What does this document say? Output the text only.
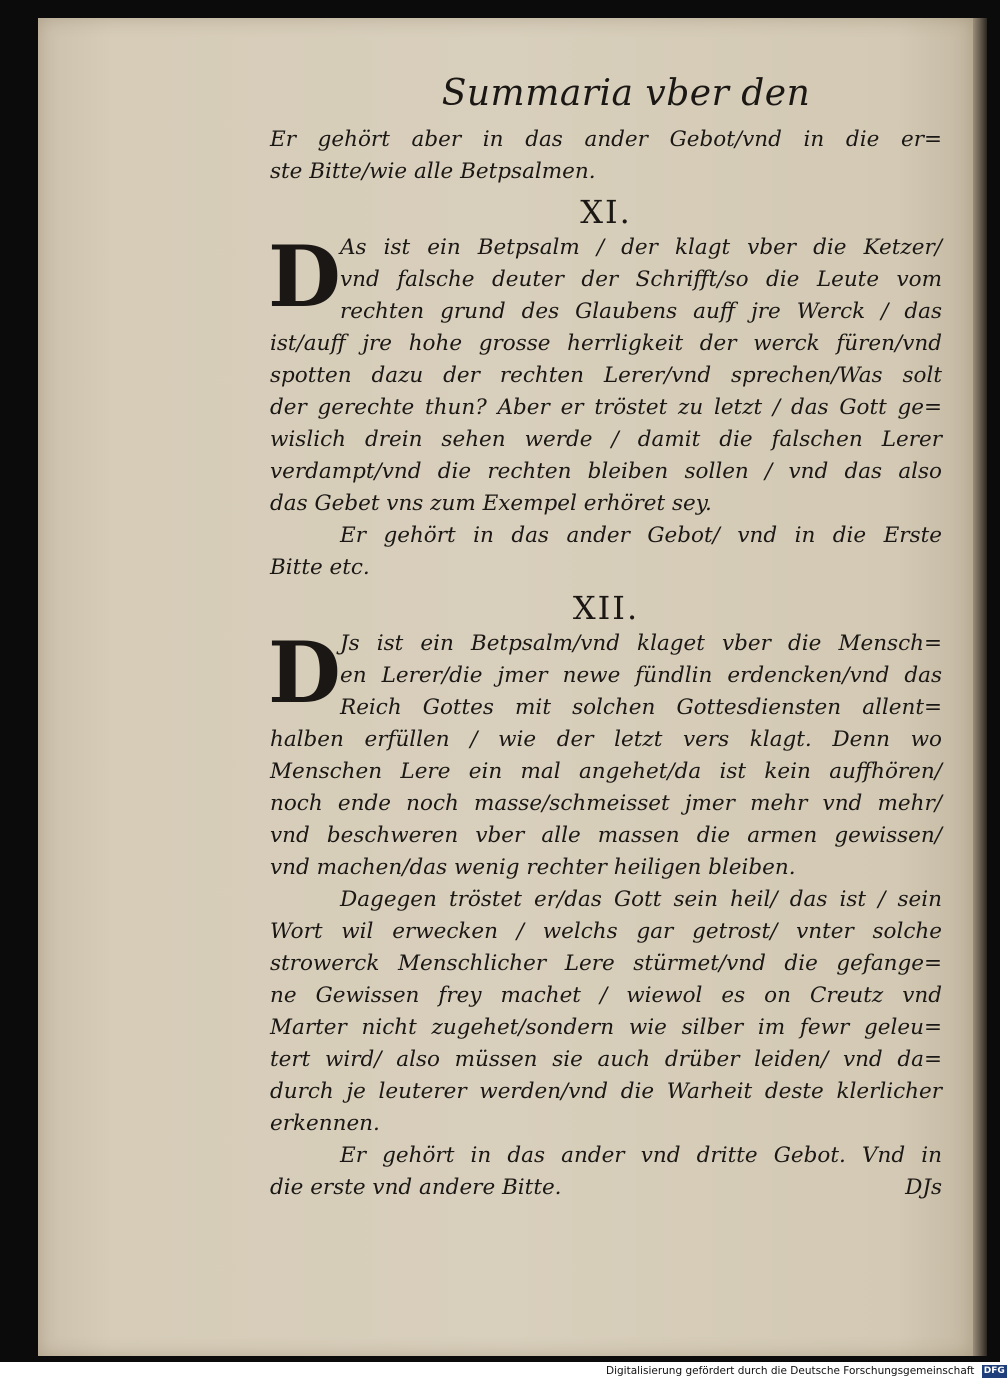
Summaria vber den
Er gehört aber in das ander Gebot/vnd in die er=
ste Bitte/wie alle Betpsalmen.
XI.
D As ist ein Betpsalm / der klagt vber die Ketzer/
vnd falsche deuter der Schrifft/so die Leute vom
rechten grund des Glaubens auff jre Werck / das
ist/auff jre hohe grosse herrligkeit der werck füren/vnd
spotten dazu der rechten Lerer/vnd sprechen/Was solt
der gerechte thun? Aber er tröstet zu letzt / das Gott ge=
wislich drein sehen werde / damit die falschen Lerer
verdampt/vnd die rechten bleiben sollen / vnd das also
das Gebet vns zum Exempel erhöret sey.
Er gehört in das ander Gebot/ vnd in die Erste
Bitte etc.
XII.
D Js ist ein Betpsalm/vnd klaget vber die Mensch=
en Lerer/die jmer newe fündlin erdencken/vnd das
Reich Gottes mit solchen Gottesdiensten allent=
halben erfüllen / wie der letzt vers klagt. Denn wo
Menschen Lere ein mal angehet/da ist kein auffhören/
noch ende noch masse/schmeisset jmer mehr vnd mehr/
vnd beschweren vber alle massen die armen gewissen/
vnd machen/das wenig rechter heiligen bleiben.
Dagegen tröstet er/das Gott sein heil/ das ist / sein
Wort wil erwecken / welchs gar getrost/ vnter solche
strowerck Menschlicher Lere stürmet/vnd die gefange=
ne Gewissen frey machet / wiewol es on Creutz vnd
Marter nicht zugehet/sondern wie silber im fewr geleu=
tert wird/ also müssen sie auch drüber leiden/ vnd da=
durch je leuterer werden/vnd die Warheit deste klerlicher
erkennen.
Er gehört in das ander vnd dritte Gebot. Vnd in
die erste vnd andere Bitte.	DJs
Digitalisierung gefördert durch die Deutsche Forschungsgemeinschaft DFG
